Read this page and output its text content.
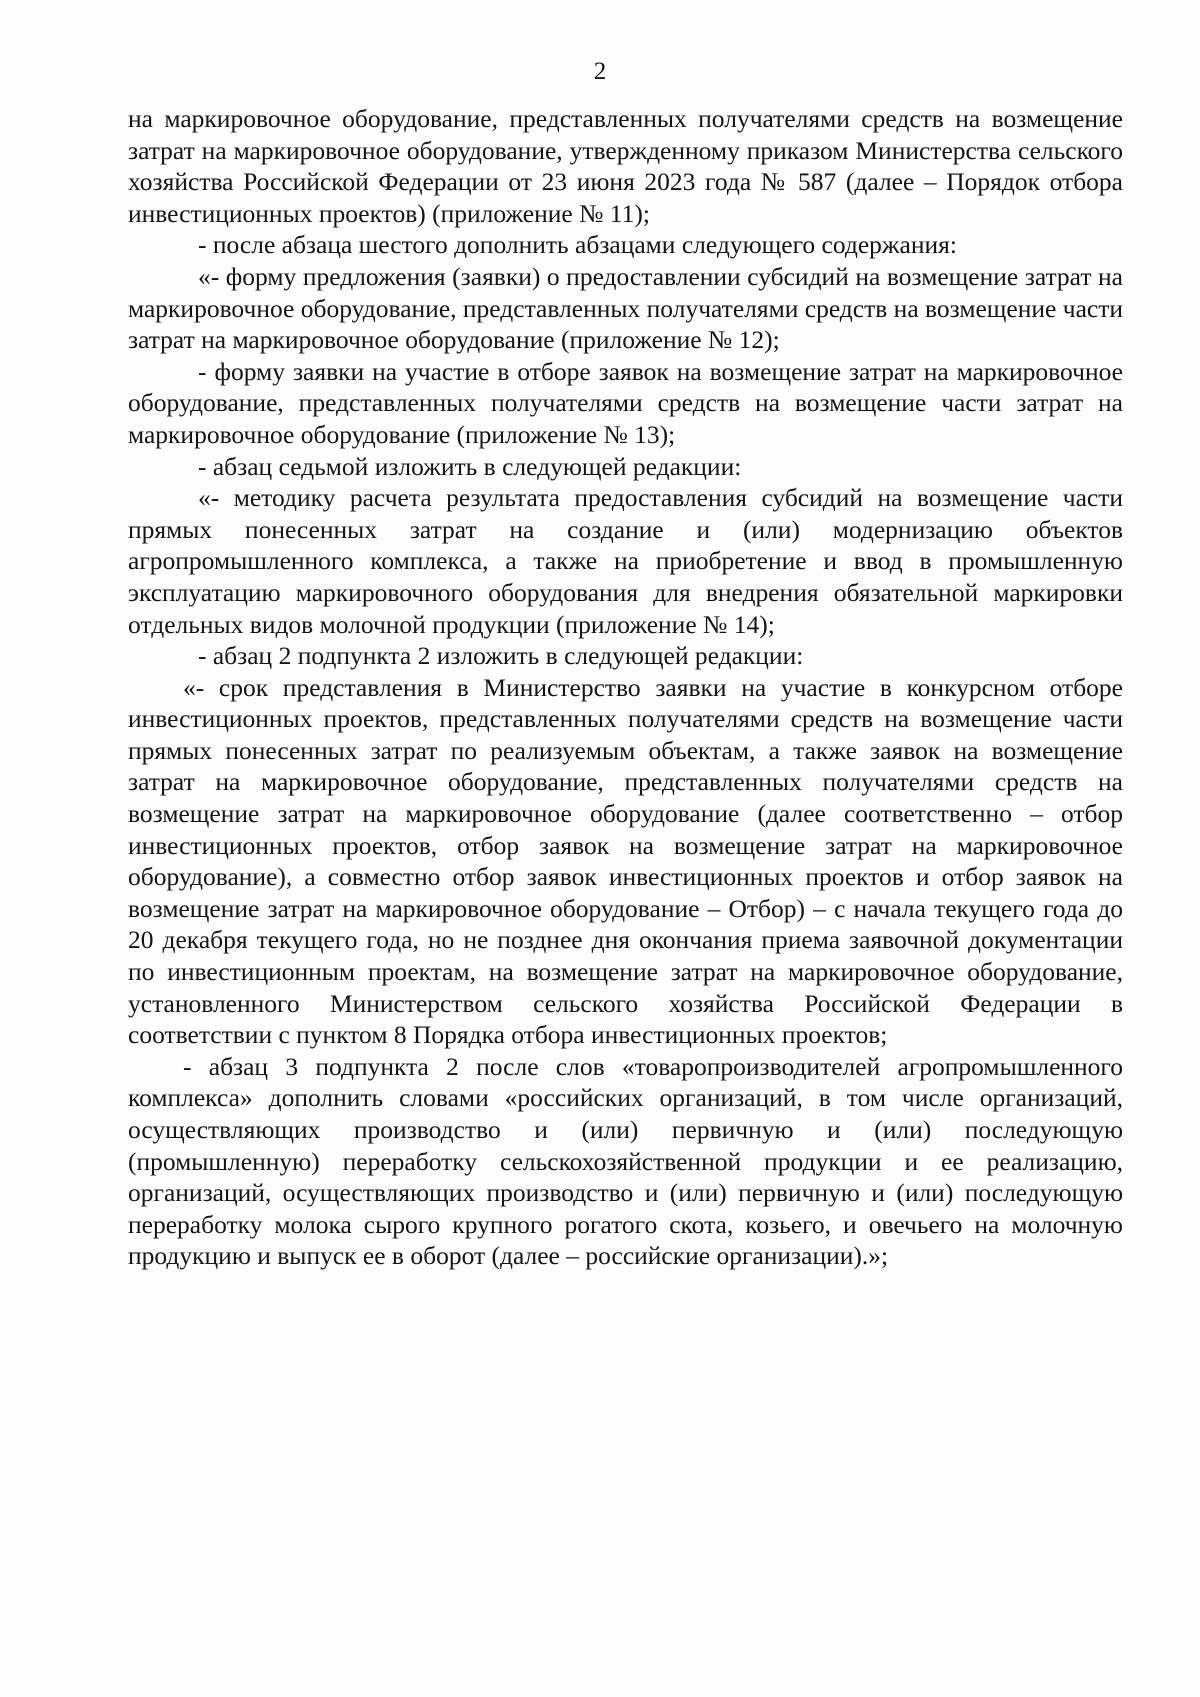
2

на маркировочное оборудование, представленных получателями средств на возмещение затрат на маркировочное оборудование, утвержденному приказом Министерства сельского хозяйства Российской Федерации от 23 июня 2023 года № 587 (далее – Порядок отбора инвестиционных проектов) (приложение № 11);

- после абзаца шестого дополнить абзацами следующего содержания:

«- форму предложения (заявки) о предоставлении субсидий на возмещение затрат на маркировочное оборудование, представленных получателями средств на возмещение части затрат на маркировочное оборудование (приложение № 12);

- форму заявки на участие в отборе заявок на возмещение затрат на маркировочное оборудование, представленных получателями средств на возмещение части затрат на маркировочное оборудование (приложение № 13);

- абзац седьмой изложить в следующей редакции:

«- методику расчета результата предоставления субсидий на возмещение части прямых понесенных затрат на создание и (или) модернизацию объектов агропромышленного комплекса, а также на приобретение и ввод в промышленную эксплуатацию маркировочного оборудования для внедрения обязательной маркировки отдельных видов молочной продукции (приложение № 14);

- абзац 2 подпункта 2 изложить в следующей редакции:

«- срок представления в Министерство заявки на участие в конкурсном отборе инвестиционных проектов, представленных получателями средств на возмещение части прямых понесенных затрат по реализуемым объектам, а также заявок на возмещение затрат на маркировочное оборудование, представленных получателями средств на возмещение затрат на маркировочное оборудование (далее соответственно – отбор инвестиционных проектов, отбор заявок на возмещение затрат на маркировочное оборудование), а совместно отбор заявок инвестиционных проектов и отбор заявок на возмещение затрат на маркировочное оборудование – Отбор) – с начала текущего года до 20 декабря текущего года, но не позднее дня окончания приема заявочной документации по инвестиционным проектам, на возмещение затрат на маркировочное оборудование, установленного Министерством сельского хозяйства Российской Федерации в соответствии с пунктом 8 Порядка отбора инвестиционных проектов;

- абзац 3 подпункта 2 после слов «товаропроизводителей агропромышленного комплекса» дополнить словами «российских организаций, в том числе организаций, осуществляющих производство и (или) первичную и (или) последующую (промышленную) переработку сельскохозяйственной продукции и ее реализацию, организаций, осуществляющих производство и (или) первичную и (или) последующую переработку молока сырого крупного рогатого скота, козьего, и овечьего на молочную продукцию и выпуск ее в оборот (далее – российские организации).»;
